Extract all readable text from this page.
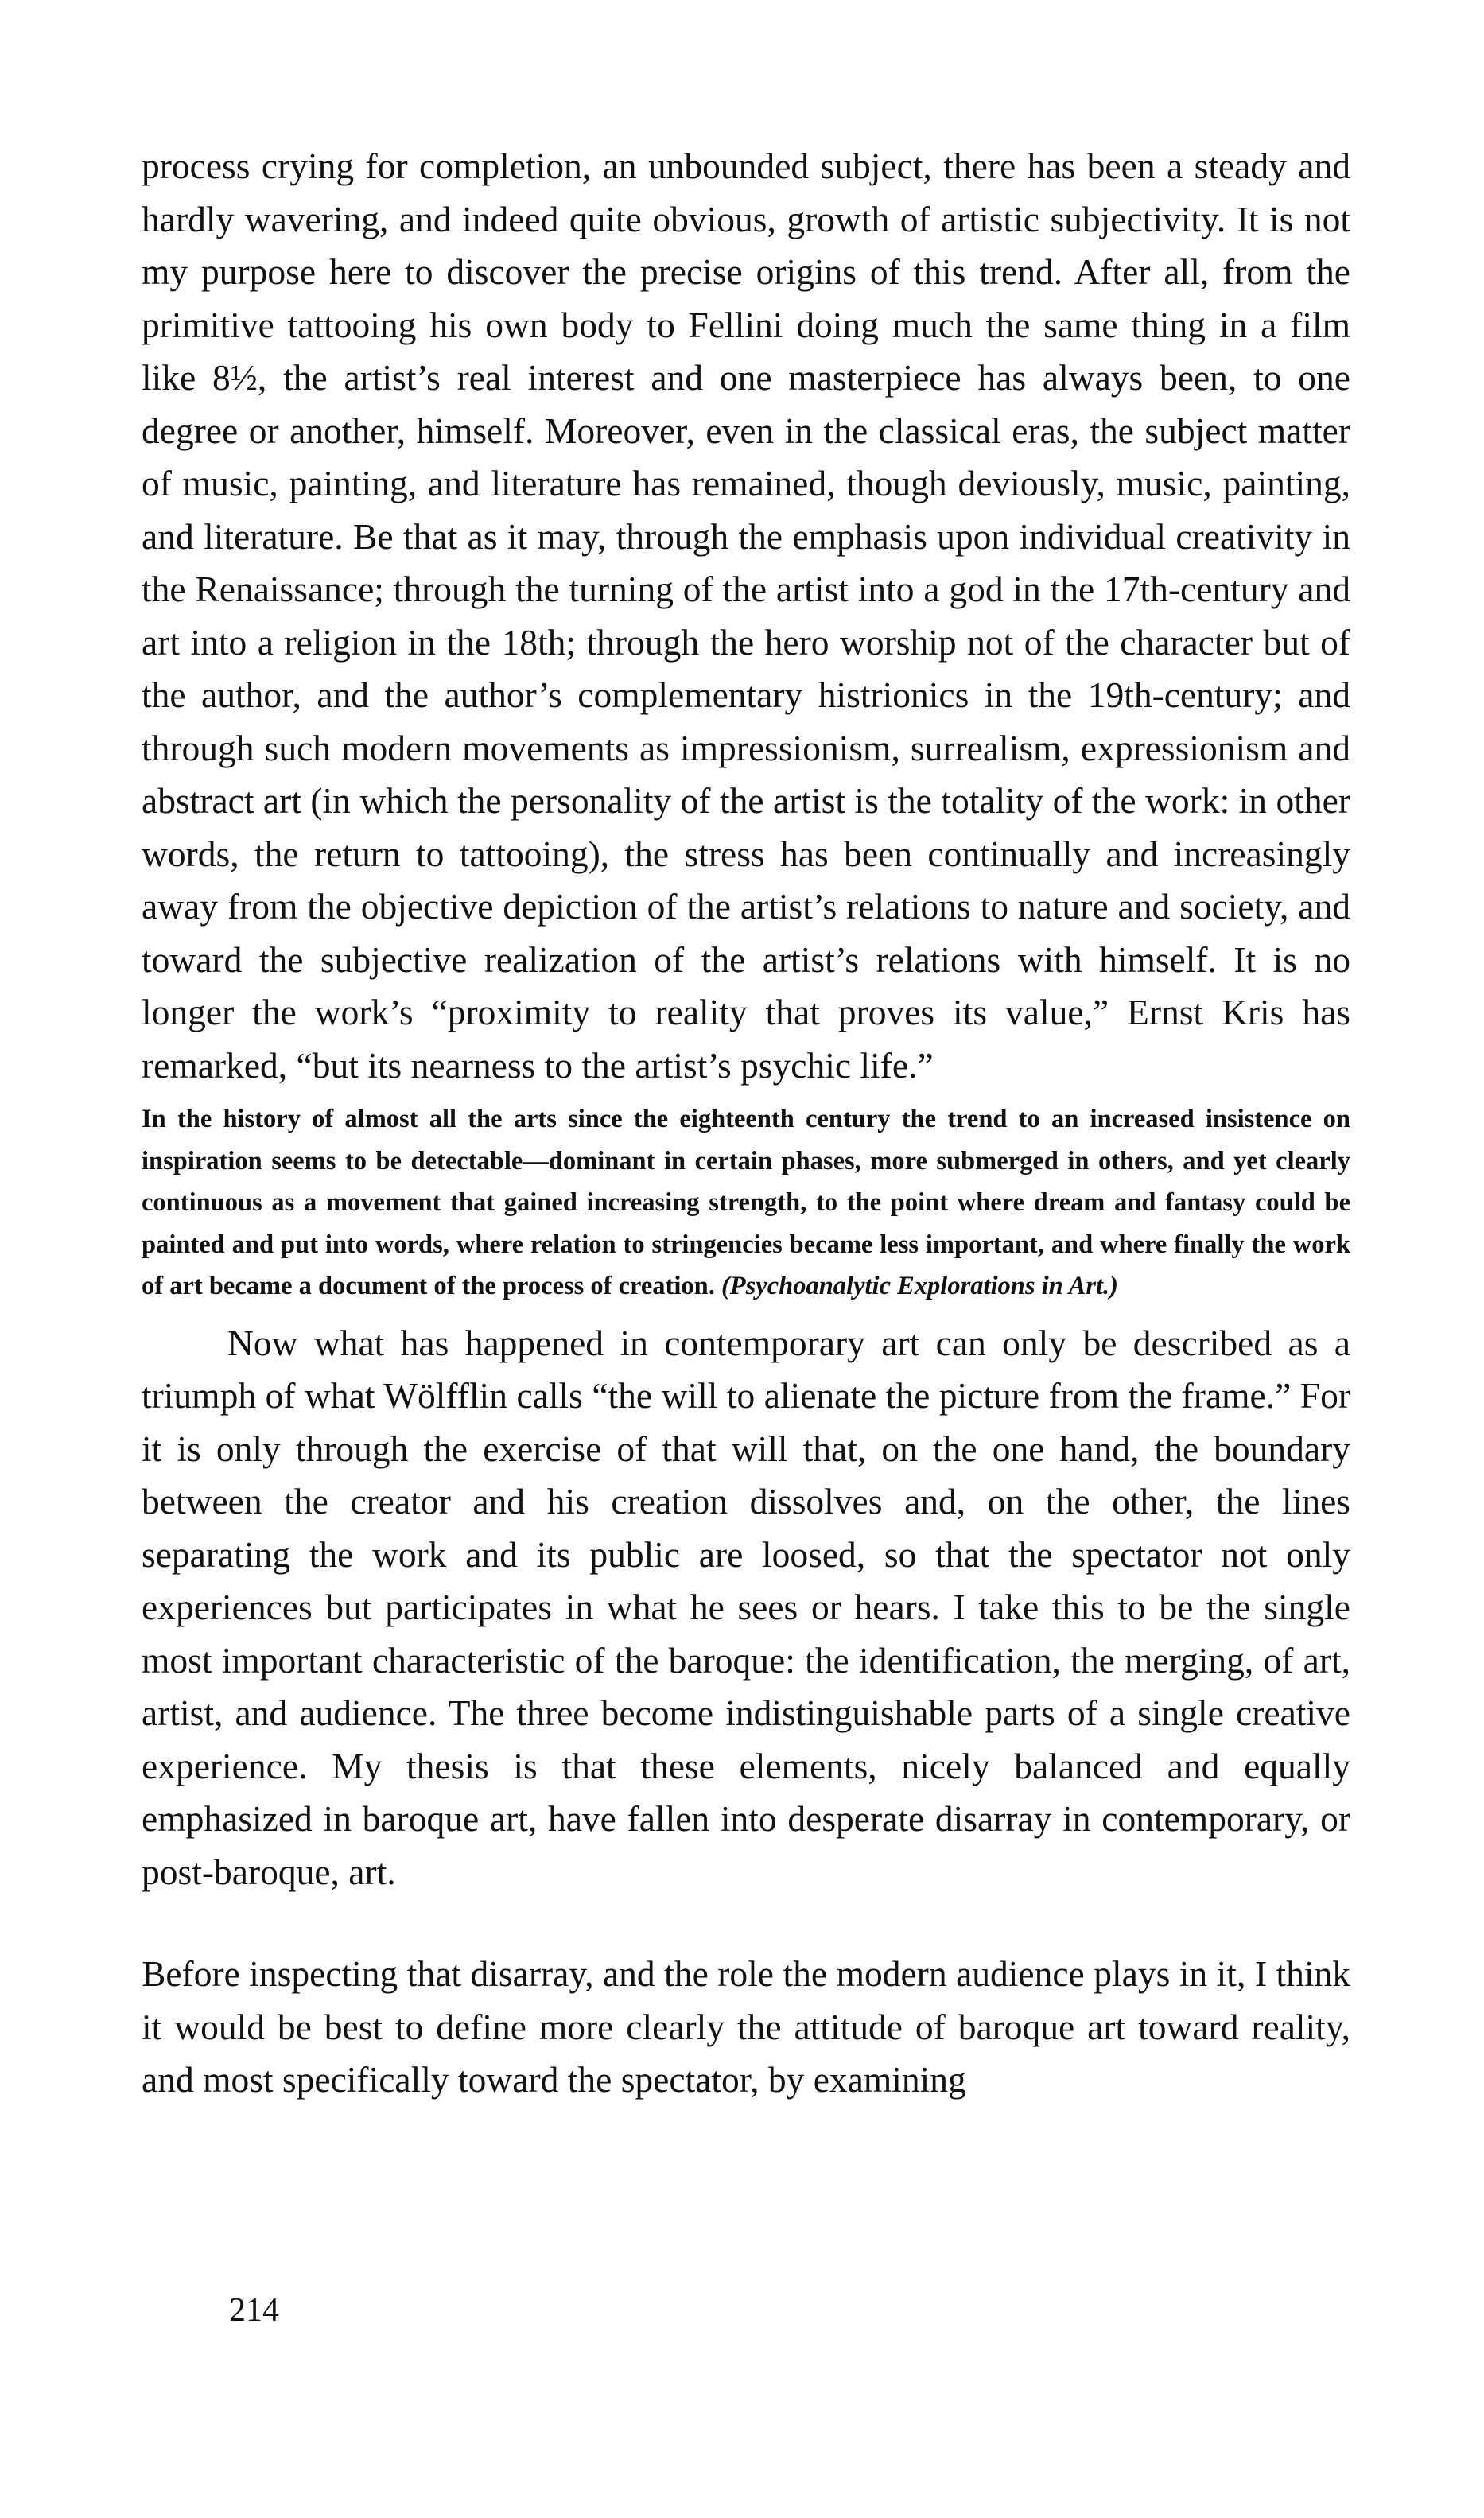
process crying for completion, an unbounded subject, there has been a steady and hardly wavering, and indeed quite obvious, growth of artistic subjectivity. It is not my purpose here to discover the precise origins of this trend. After all, from the primitive tattooing his own body to Fellini doing much the same thing in a film like 8½, the artist’s real interest and one masterpiece has always been, to one degree or another, himself. Moreover, even in the classical eras, the subject matter of music, painting, and literature has remained, though deviously, music, painting, and literature. Be that as it may, through the emphasis upon individual creativity in the Renaissance; through the turning of the artist into a god in the 17th-century and art into a religion in the 18th; through the hero worship not of the character but of the author, and the author’s complementary histrionics in the 19th-century; and through such modern movements as impressionism, surrealism, expressionism and abstract art (in which the personality of the artist is the totality of the work: in other words, the return to tattooing), the stress has been continually and increasingly away from the objective depiction of the artist’s relations to nature and society, and toward the subjective realization of the artist’s relations with himself. It is no longer the work’s “proximity to reality that proves its value,” Ernst Kris has remarked, “but its nearness to the artist’s psychic life.”

In the history of almost all the arts since the eighteenth century the trend to an increased insistence on inspiration seems to be detectable—dominant in certain phases, more submerged in others, and yet clearly continuous as a movement that gained increasing strength, to the point where dream and fantasy could be painted and put into words, where relation to stringencies became less important, and where finally the work of art became a document of the process of creation. (Psychoanalytic Explorations in Art.)

Now what has happened in contemporary art can only be described as a triumph of what Wölfflin calls “the will to alienate the picture from the frame.” For it is only through the exercise of that will that, on the one hand, the boundary between the creator and his creation dissolves and, on the other, the lines separating the work and its public are loosed, so that the spectator not only experiences but participates in what he sees or hears. I take this to be the single most important characteristic of the baroque: the identification, the merging, of art, artist, and audience. The three become indistinguishable parts of a single creative experience. My thesis is that these elements, nicely balanced and equally emphasized in baroque art, have fallen into desperate disarray in contemporary, or post-baroque, art.

Before inspecting that disarray, and the role the modern audience plays in it, I think it would be best to define more clearly the attitude of baroque art toward reality, and most specifically toward the spectator, by examining

214
